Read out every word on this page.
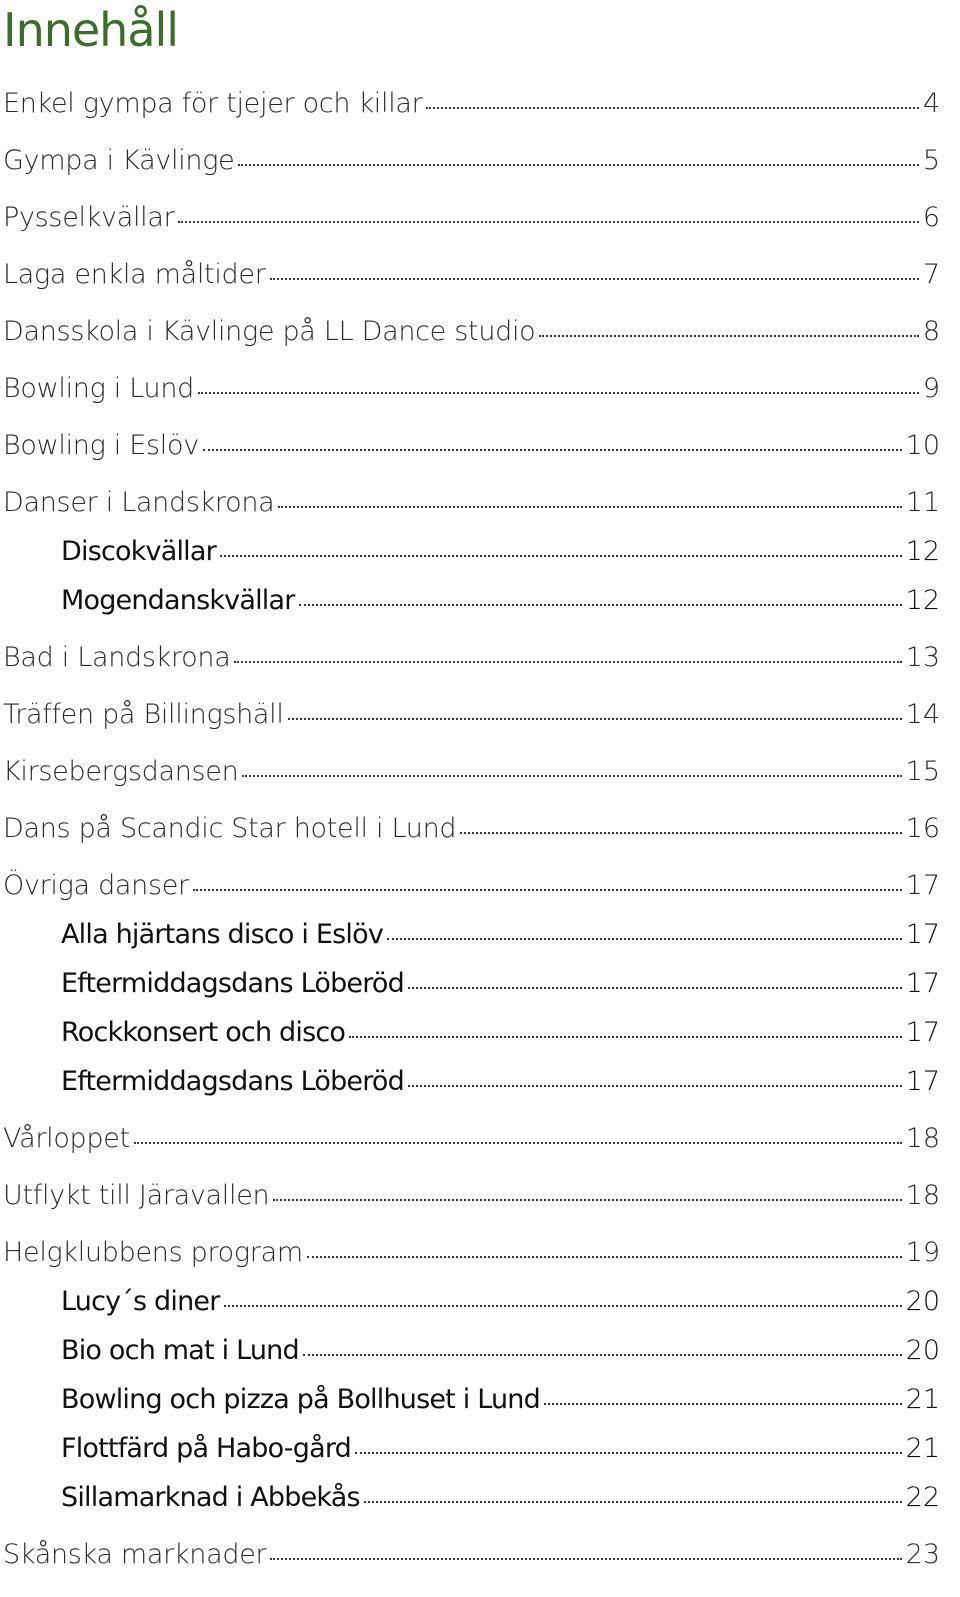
Innehåll
Enkel gympa för tjejer och killar	4
Gympa i Kävlinge	5
Pysselkvällar	6
Laga enkla måltider	7
Dansskola i Kävlinge på LL Dance studio	8
Bowling i Lund	9
Bowling i Eslöv	10
Danser i Landskrona	11
Discokvällar	12
Mogendanskvällar	12
Bad i Landskrona	13
Träffen på Billingshäll	14
Kirsebergsdansen	15
Dans på Scandic Star hotell i Lund	16
Övriga danser	17
Alla hjärtans disco i Eslöv	17
Eftermiddagsdans Löberöd	17
Rockkonsert och disco	17
Eftermiddagsdans Löberöd	17
Vårloppet	18
Utflykt till Järavallen	18
Helgklubbens program	19
Lucy´s diner	20
Bio och mat i Lund	20
Bowling och pizza på Bollhuset i Lund	21
Flottfärd på Habo-gård	21
Sillamarknad i Abbekås	22
Skånska marknader	23
